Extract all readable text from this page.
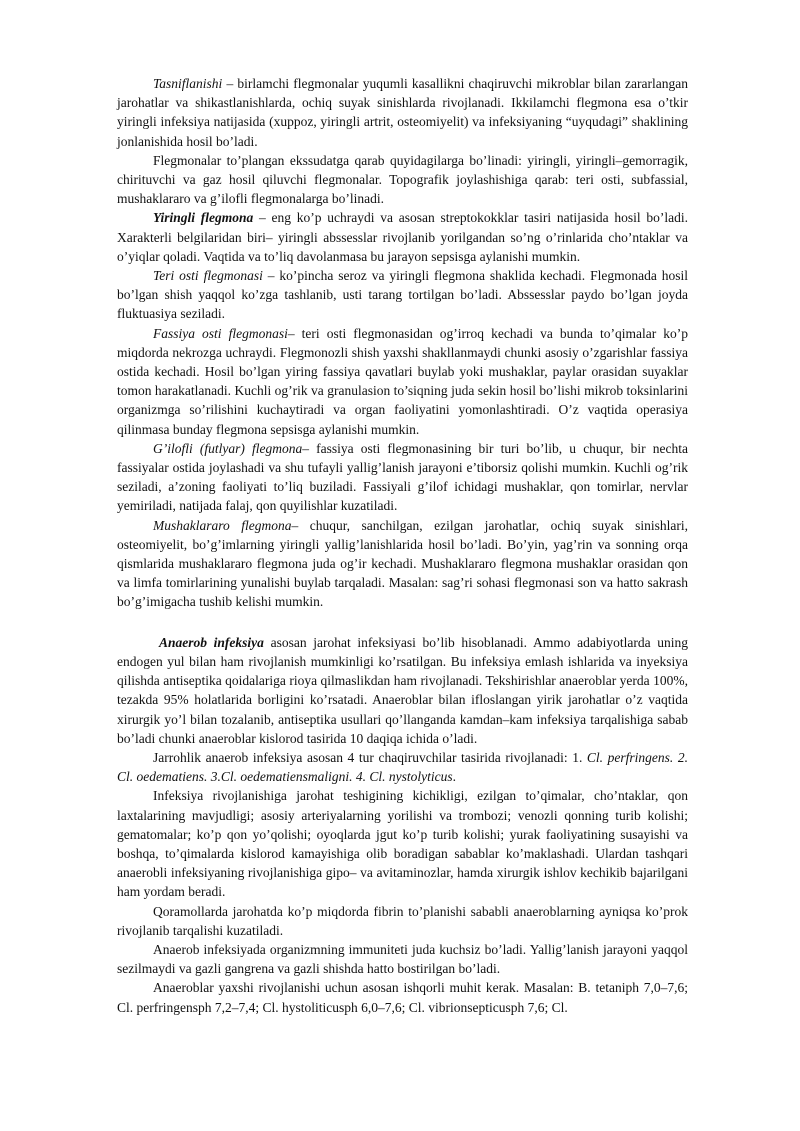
Tasniflanishi – birlamchi flegmonalar yuqumli kasallikni chaqiruvchi mikroblar bilan zararlangan jarohatlar va shikastlanishlarda, ochiq suyak sinishlarda rivojlanadi. Ikkilamchi flegmona esa o’tkir yiringli infeksiya natijasida (xuppoz, yiringli artrit, osteomiyelit) va infeksiyaning “uyqudagi” shaklining jonlanishida hosil bo’ladi.

Flegmonalar to’plangan ekssudatga qarab quyidagilarga bo’linadi: yiringli, yiringli–gemorragik, chirituvchi va gaz hosil qiluvchi flegmonalar. Topografik joylashishiga qarab: teri osti, subfassial, mushaklararo va g’ilofli flegmonalarga bo’linadi.

Yiringli flegmona – eng ko’p uchraydi va asosan streptokokklar tasiri natijasida hosil bo’ladi. Xarakterli belgilaridan biri– yiringli abssesslar rivojlanib yorilgandan so’ng o’rinlarida cho’ntaklar va o’yiqlar qoladi. Vaqtida va to’liq davolanmasa bu jarayon sepsisga aylanishi mumkin.

Teri osti flegmonasi – ko’pincha seroz va yiringli flegmona shaklida kechadi. Flegmonada hosil bo’lgan shish yaqqol ko’zga tashlanib, usti tarang tortilgan bo’ladi. Abssesslar paydo bo’lgan joyda fluktuasiya seziladi.

Fassiya osti flegmonasi– teri osti flegmonasidan og’irroq kechadi va bunda to’qimalar ko’p miqdorda nekrozga uchraydi. Flegmonozli shish yaxshi shakllanmaydi chunki asosiy o’zgarishlar fassiya ostida kechadi. Hosil bo’lgan yiring fassiya qavatlari buylab yoki mushaklar, paylar orasidan suyaklar tomon harakatlanadi. Kuchli og’rik va granulasion to’siqning juda sekin hosil bo’lishi mikrob toksinlarini organizmga so’rilishini kuchaytiradi va organ faoliyatini yomonlashtiradi. O’z vaqtida operasiya qilinmasa bunday flegmona sepsisga aylanishi mumkin.

G’ilofli (futlyar) flegmona– fassiya osti flegmonasining bir turi bo’lib, u chuqur, bir nechta fassiyalar ostida joylashadi va shu tufayli yallig’lanish jarayoni e’tiborsiz qolishi mumkin. Kuchli og’rik seziladi, a’zoning faoliyati to’liq buziladi. Fassiyali g’ilof ichidagi mushaklar, qon tomirlar, nervlar yemiriladi, natijada falaj, qon quyilishlar kuzatiladi.

Mushaklararo flegmona– chuqur, sanchilgan, ezilgan jarohatlar, ochiq suyak sinishlari, osteomiyelit, bo’g’imlarning yiringli yallig’lanishlarida hosil bo’ladi. Bo’yin, yag’rin va sonning orqa qismlarida mushaklararo flegmona juda og’ir kechadi. Mushaklararo flegmona mushaklar orasidan qon va limfa tomirlarining yunalishi buylab tarqaladi. Masalan: sag’ri sohasi flegmonasi son va hatto sakrash bo’g’imigacha tushib kelishi mumkin.

Anaerob infeksiya asosan jarohat infeksiyasi bo’lib hisoblanadi. Ammo adabiyotlarda uning endogen yul bilan ham rivojlanish mumkinligi ko’rsatilgan. Bu infeksiya emlash ishlarida va inyeksiya qilishda antiseptika qoidalariga rioya qilmaslikdan ham rivojlanadi. Tekshirishlar anaeroblar yerda 100%, tezakda 95% holatlarida borligini ko’rsatadi. Anaeroblar bilan ifloslangan yirik jarohatlar o’z vaqtida xirurgik yo’l bilan tozalanib, antiseptika usullari qo’llanganda kamdan–kam infeksiya tarqalishiga sabab bo’ladi chunki anaeroblar kislorod tasirida 10 daqiqa ichida o’ladi.

Jarrohlik anaerob infeksiya asosan 4 tur chaqiruvchilar tasirida rivojlanadi: 1. Cl. perfringens. 2. Cl. oedematiens. 3.Cl. oedematiensmaligni. 4. Cl. nystolyticus.

Infeksiya rivojlanishiga jarohat teshigining kichikligi, ezilgan to’qimalar, cho’ntaklar, qon laxtalarining mavjudligi; asosiy arteriyalarning yorilishi va trombozi; venozli qonning turib kolishi; gematomalar; ko’p qon yo’qolishi; oyoqlarda jgut ko’p turib kolishi; yurak faoliyatining susayishi va boshqa, to’qimalarda kislorod kamayishiga olib boradigan sabablar ko’maklashadi. Ulardan tashqari anaerobli infeksiyaning rivojlanishiga gipo– va avitaminozlar, hamda xirurgik ishlov kechikib bajarilgani ham yordam beradi.

Qoramollarda jarohatda ko’p miqdorda fibrin to’planishi sababli anaeroblarning ayniqsa ko’prok rivojlanib tarqalishi kuzatiladi.

Anaerob infeksiyada organizmning immuniteti juda kuchsiz bo’ladi. Yallig’lanish jarayoni yaqqol sezilmaydi va gazli gangrena va gazli shishda hatto bostirilgan bo’ladi.

Anaeroblar yaxshi rivojlanishi uchun asosan ishqorli muhit kerak. Masalan: B. tetaniph 7,0–7,6; Cl. perfringensph 7,2–7,4; Cl. hystoliticusph 6,0–7,6; Cl. vibrionsepticusph 7,6; Cl.
